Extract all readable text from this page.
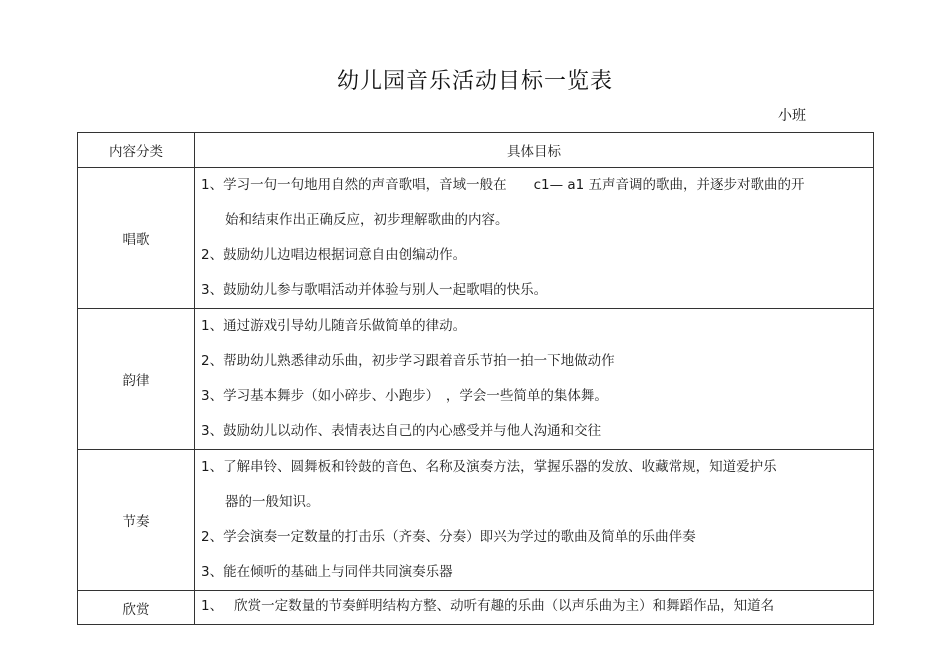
幼儿园音乐活动目标一览表
小班
内容分类	具体目标
唱歌	1、学习一句一句地用自然的声音歌唱，音域一般在　　c1— a1 五声音调的歌曲，并逐步对歌曲的开
始和结束作出正确反应，初步理解歌曲的内容。
2、鼓励幼儿边唱边根据词意自由创编动作。
3、鼓励幼儿参与歌唱活动并体验与别人一起歌唱的快乐。

韵律	1、通过游戏引导幼儿随音乐做简单的律动。
2、帮助幼儿熟悉律动乐曲，初步学习跟着音乐节拍一拍一下地做动作
3、学习基本舞步（如小碎步、小跑步）　，学会一些简单的集体舞。
3、鼓励幼儿以动作、表情表达自己的内心感受并与他人沟通和交往

节奏	1、了解串铃、圆舞板和铃鼓的音色、名称及演奏方法，掌握乐器的发放、收藏常规，知道爱护乐
器的一般知识。
2、学会演奏一定数量的打击乐（齐奏、分奏）即兴为学过的歌曲及简单的乐曲伴奏
3、能在倾听的基础上与同伴共同演奏乐器

欣赏	1、　 欣赏一定数量的节奏鲜明结构方整、动听有趣的乐曲（以声乐曲为主）和舞蹈作品，知道名
